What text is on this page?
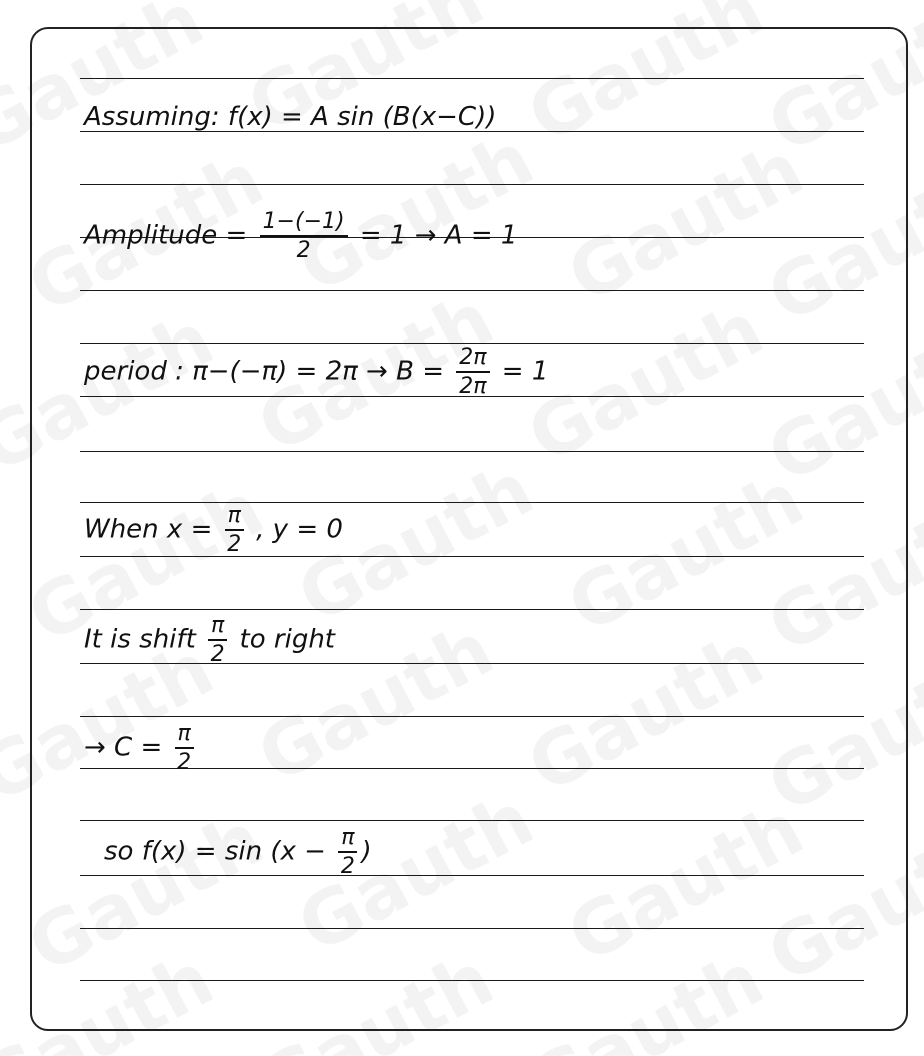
Assuming: f(x) = A sin (B(x−C))
Amplitude = $\frac{1-(-1)}{2} = 1 \to A = 1$
period : $\pi-(-\pi) = 2\pi \to B = \frac{2\pi}{2\pi} = 1$
When $x = \frac{\pi}{2}$ , y = 0
It is shift $\frac{\pi}{2}$ to right
→ $C = \frac{\pi}{2}$
so $f(x) = \sin (x - \frac{\pi}{2}$ )
